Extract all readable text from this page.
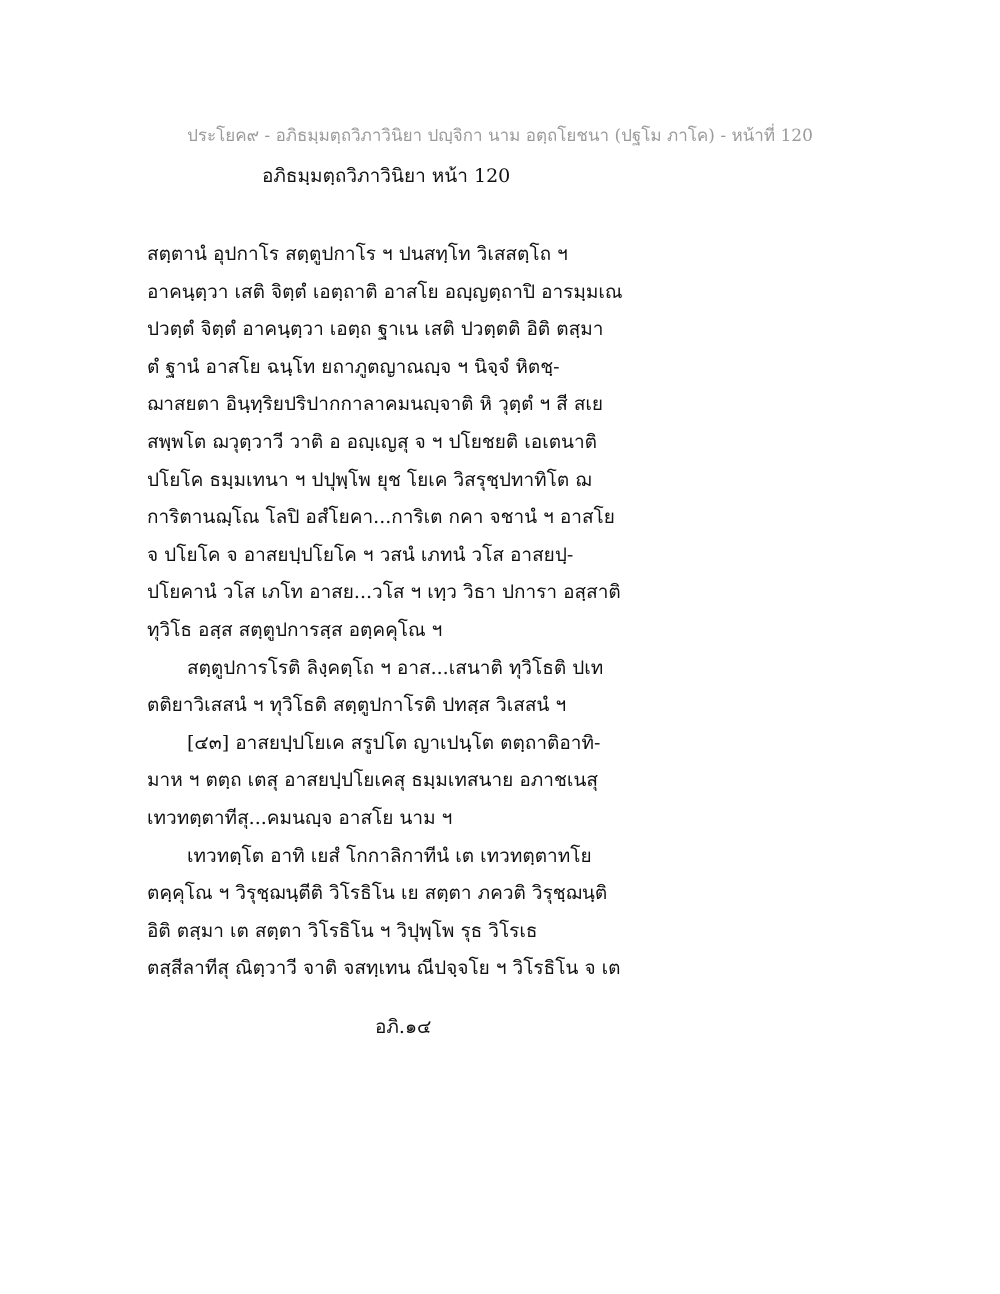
ประโยค๙ - อภิธมฺมตฺถวิภาวินิยา ปญฺจิกา นาม อตฺถโยชนา (ปฐโม ภาโค) - หน้าที่ 120
อภิธมฺมตฺถวิภาวินิยา หน้า 120
สตฺตานํ อุปกาโร สตฺตูปกาโร ฯ ปนสทฺโท วิเสสตฺโถ ฯ
อาคนฺตฺวา เสติ จิตฺตํ เอตฺถาติ อาสโย อญฺญตฺถาปิ อารมฺมเณ
ปวตฺตํ จิตฺตํ อาคนฺตฺวา เอตฺถ ฐาเน เสติ ปวตฺตติ อิติ ตสฺมา
ตํ ฐานํ อาสโย ฉนฺโท ยถาภูตญาณญฺจ ฯ นิจฺจํ หิตชฺ-
ฌาสยตา อินฺทฺริยปริปากกาลาคมนญฺจาติ หิ วุตฺตํ ฯ สี สเย
สพฺพโต ฌวุตฺวาวี วาติ อ อญฺเญสุ จ ฯ ปโยชยติ เอเตนาติ
ปโยโค ธมฺมเทนา ฯ ปปุพฺโพ ยุช โยเค วิสรุชฺปทาทิโต ฌ
การิตานฌฺโณ โลปิ อสํโยคา...การิเต กคา จชานํ ฯ อาสโย
จ ปโยโค จ อาสยปฺปโยโค ฯ วสนํ เภทนํ วโส อาสยปฺ-
ปโยคานํ วโส เภโท อาสย...วโส ฯ เทฺว วิธา ปการา อสฺสาติ
ทุวิโธ อสฺส สตฺตูปการสฺส อตฺคคุโณ ฯ
สตฺตูปการโรติ ลิงฺคตฺโถ ฯ อาส...เสนาติ ทุวิโธติ ปเท
ตติยาวิเสสนํ ฯ ทุวิโธติ สตฺตูปกาโรติ ปทสฺส วิเสสนํ ฯ
[๔๓] อาสยปฺปโยเค สรูปโต ญาเปนฺโต ตตฺถาติอาทิ-
มาห ฯ ตตฺถ เตสุ อาสยปฺปโยเคสุ ธมฺมเทสนาย อภาชเนสุ
เทวทตฺตาทีสุ...คมนญฺจ อาสโย นาม ฯ
เทวทตฺโต อาทิ เยสํ โกกาลิกาทีนํ เต เทวทตฺตาทโย
ตคฺคุโณ ฯ วิรุชฺฌนฺตีติ วิโรธิโน เย สตฺตา ภควติ วิรุชฺฌนฺติ
อิติ ตสฺมา เต สตฺตา วิโรธิโน ฯ วิปุพฺโพ รุธ วิโรเธ
ตสฺสีลาทีสุ ณิตฺวาวี จาติ จสทฺเทน ณีปจฺจโย ฯ วิโรธิโน จ เต
อภิ.๑๔
